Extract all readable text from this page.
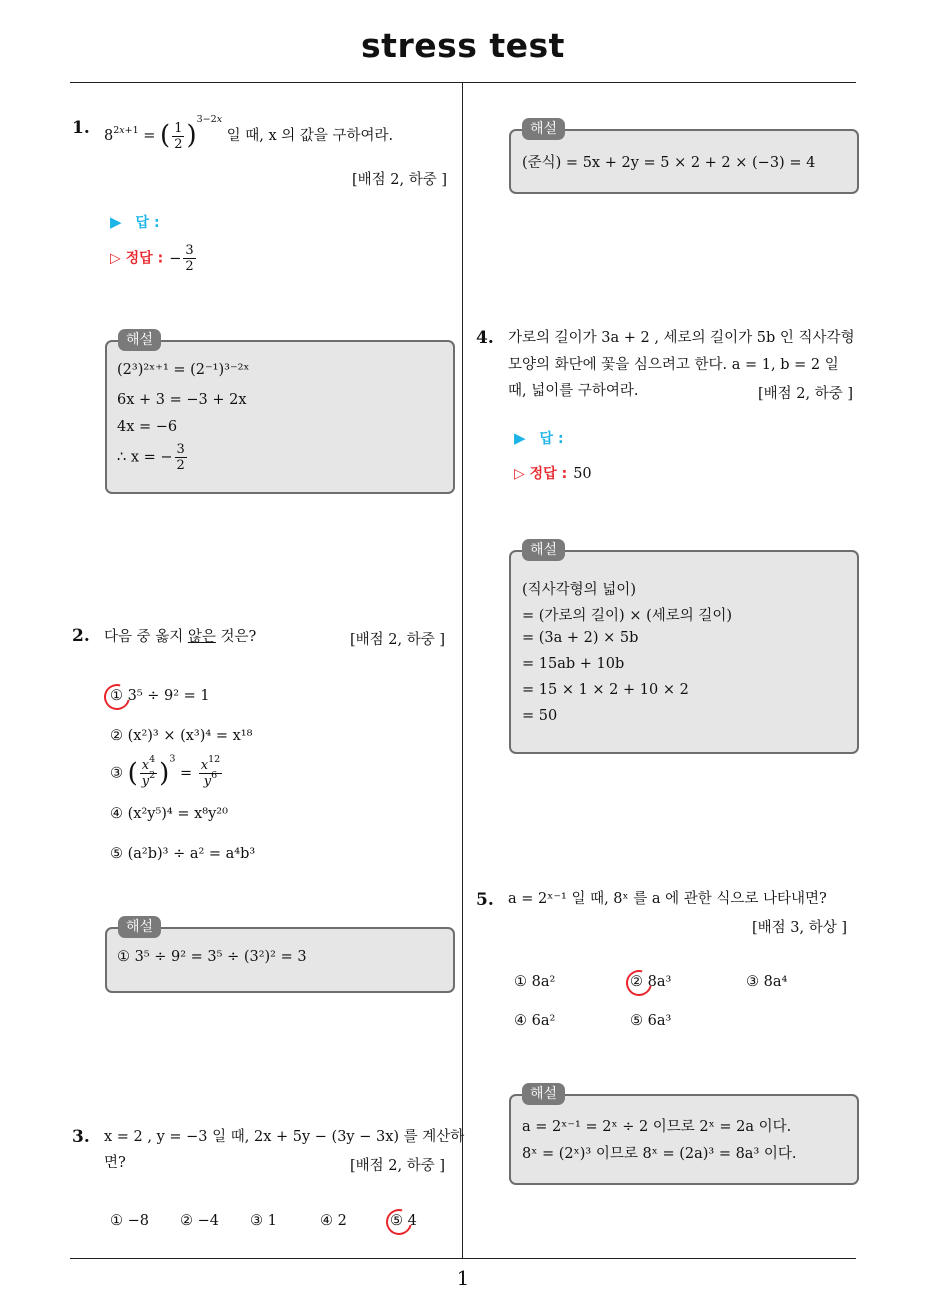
stress test
1
1. $8^{2x+1}$ = ( $\frac{1}{2} )^{3-2x}$ 일 때, x 의 값을 구하여라.
[배점 2, 하중 ]
▶ 답 :
▷ 정답 : − $\frac{3}{2}$
해설
(2³)²ˣ⁺¹ = (2⁻¹)³⁻²ˣ
6x + 3 = −3 + 2x
4x = −6
∴ x = − $\frac{3}{2}$
2. 다음 중 옳지 않은 것은?	[배점 2, 하중 ]
① 3⁵ ÷ 9² = 1
② (x²)³ × (x³)⁴ = x¹⁸
③ ( $\frac{x^4}{y^2} )^3 = \frac{x^{12}}{y^6}$
④ (x²y⁵)⁴ = x⁸y²⁰
⑤ (a²b)³ ÷ a² = a⁴b³
해설
① 3⁵ ÷ 9² = 3⁵ ÷ (3²)² = 3
3. x = 2 , y = −3 일 때, 2x + 5y − (3y − 3x) 를 계산하
면?	[배점 2, 하중 ]
① −8 ② −4 ③ 1	④ 2	⑤ 4
해설
(준식) = 5x + 2y = 5 × 2 + 2 × (−3) = 4
4. 가로의 길이가 3a + 2 , 세로의 길이가 5b 인 직사각형
모양의 화단에 꽃을 심으려고 한다. a = 1, b = 2 일
때, 넓이를 구하여라.	[배점 2, 하중 ]
▶ 답 :
▷ 정답 : 50
해설
(직사각형의 넓이)
= (가로의 길이) × (세로의 길이)
= (3a + 2) × 5b
= 15ab + 10b
= 15 × 1 × 2 + 10 × 2
= 50
5. a = 2ˣ⁻¹ 일 때, 8ˣ 를 a 에 관한 식으로 나타내면?
[배점 3, 하상 ]
① 8a²	② 8a³	③ 8a⁴
④ 6a²	⑤ 6a³
해설
a = 2ˣ⁻¹ = 2ˣ ÷ 2 이므로 2ˣ = 2a 이다.
8ˣ = (2ˣ)³ 이므로 8ˣ = (2a)³ = 8a³ 이다.
